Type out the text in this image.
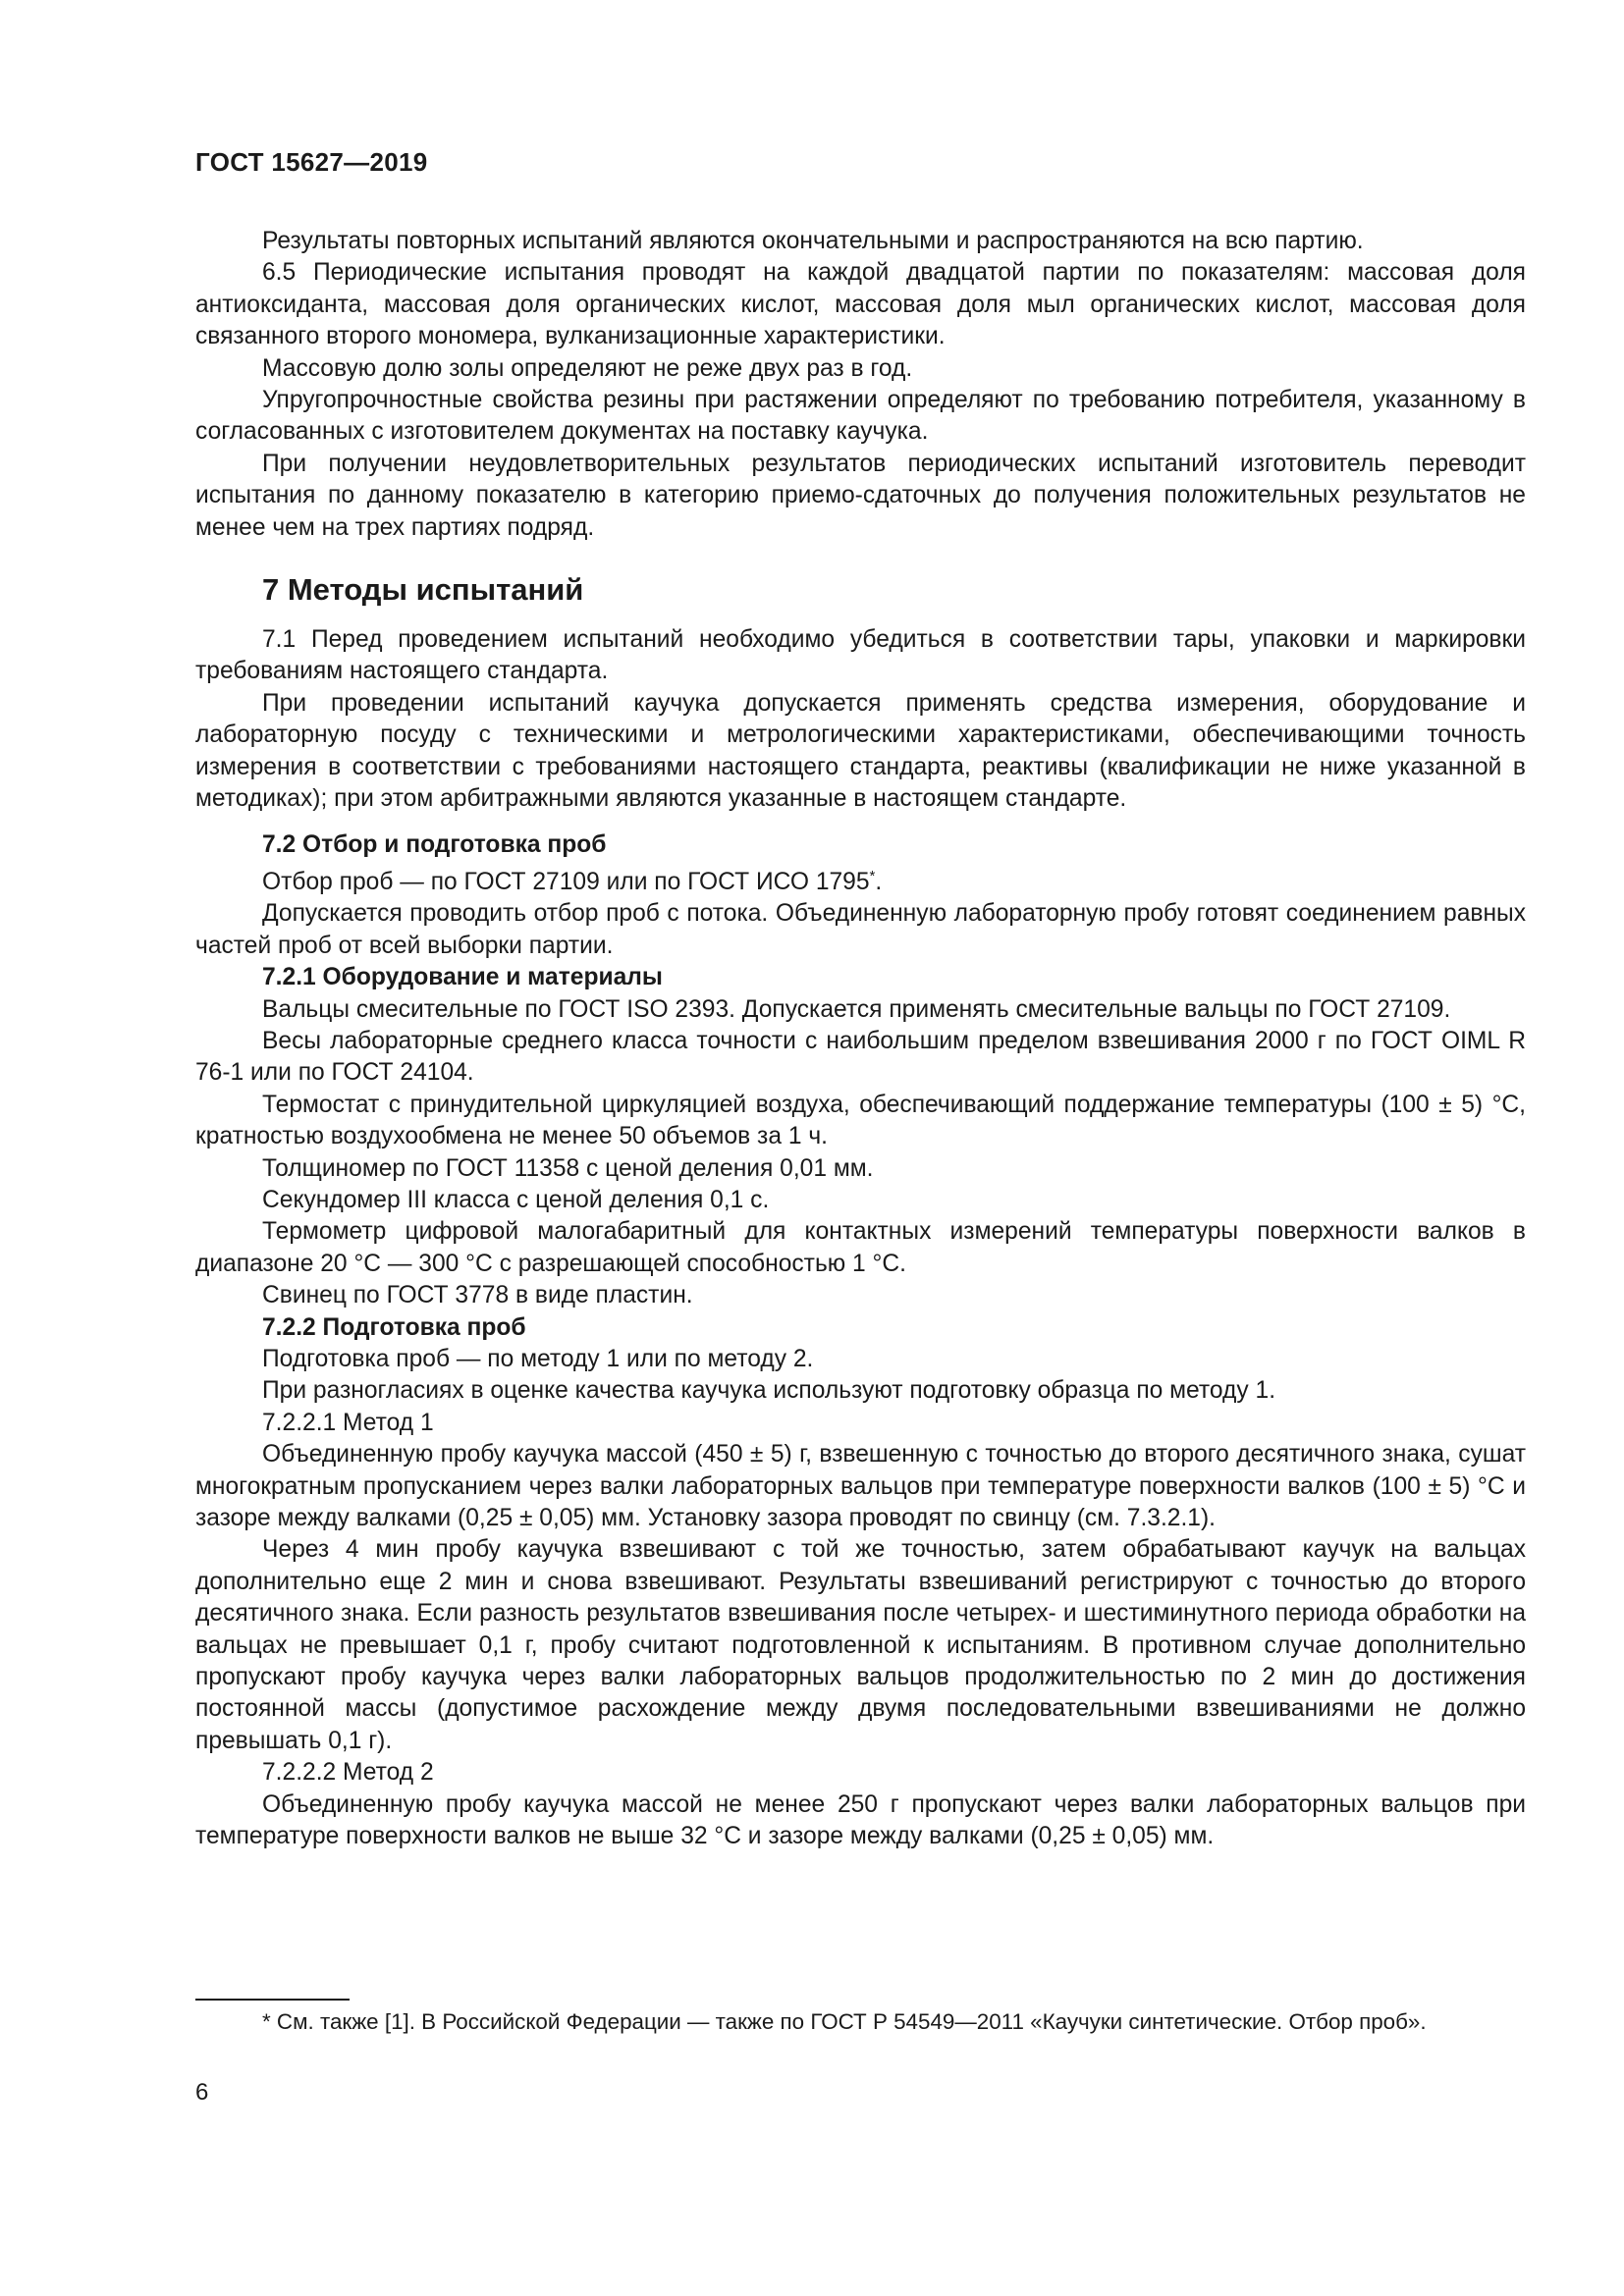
ГОСТ 15627—2019

Результаты повторных испытаний являются окончательными и распространяются на всю партию.

6.5 Периодические испытания проводят на каждой двадцатой партии по показателям: массовая доля антиоксиданта, массовая доля органических кислот, массовая доля мыл органических кислот, массовая доля связанного второго мономера, вулканизационные характеристики.

Массовую долю золы определяют не реже двух раз в год.

Упругопрочностные свойства резины при растяжении определяют по требованию потребителя, указанному в согласованных с изготовителем документах на поставку каучука.

При получении неудовлетворительных результатов периодических испытаний изготовитель переводит испытания по данному показателю в категорию приемо-сдаточных до получения положительных результатов не менее чем на трех партиях подряд.

7 Методы испытаний

7.1 Перед проведением испытаний необходимо убедиться в соответствии тары, упаковки и маркировки требованиям настоящего стандарта.

При проведении испытаний каучука допускается применять средства измерения, оборудование и лабораторную посуду с техническими и метрологическими характеристиками, обеспечивающими точность измерения в соответствии с требованиями настоящего стандарта, реактивы (квалификации не ниже указанной в методиках); при этом арбитражными являются указанные в настоящем стандарте.

7.2 Отбор и подготовка проб

Отбор проб — по ГОСТ 27109 или по ГОСТ ИСО 1795*.

Допускается проводить отбор проб с потока. Объединенную лабораторную пробу готовят соединением равных частей проб от всей выборки партии.

7.2.1 Оборудование и материалы

Вальцы смесительные по ГОСТ ISO 2393. Допускается применять смесительные вальцы по ГОСТ 27109.

Весы лабораторные среднего класса точности с наибольшим пределом взвешивания 2000 г по ГОСТ OIML R 76-1 или по ГОСТ 24104.

Термостат с принудительной циркуляцией воздуха, обеспечивающий поддержание температуры (100 ± 5) °С, кратностью воздухообмена не менее 50 объемов за 1 ч.

Толщиномер по ГОСТ 11358 с ценой деления 0,01 мм.

Секундомер III класса с ценой деления 0,1 с.

Термометр цифровой малогабаритный для контактных измерений температуры поверхности валков в диапазоне 20 °С — 300 °С с разрешающей способностью 1 °С.

Свинец по ГОСТ 3778 в виде пластин.

7.2.2 Подготовка проб

Подготовка проб — по методу 1 или по методу 2.

При разногласиях в оценке качества каучука используют подготовку образца по методу 1.

7.2.2.1 Метод 1

Объединенную пробу каучука массой (450 ± 5) г, взвешенную с точностью до второго десятичного знака, сушат многократным пропусканием через валки лабораторных вальцов при температуре поверхности валков (100 ± 5) °С и зазоре между валками (0,25 ± 0,05) мм. Установку зазора проводят по свинцу (см. 7.3.2.1).

Через 4 мин пробу каучука взвешивают с той же точностью, затем обрабатывают каучук на вальцах дополнительно еще 2 мин и снова взвешивают. Результаты взвешиваний регистрируют с точностью до второго десятичного знака. Если разность результатов взвешивания после четырех- и шестиминутного периода обработки на вальцах не превышает 0,1 г, пробу считают подготовленной к испытаниям. В противном случае дополнительно пропускают пробу каучука через валки лабораторных вальцов продолжительностью по 2 мин до достижения постоянной массы (допустимое расхождение между двумя последовательными взвешиваниями не должно превышать 0,1 г).

7.2.2.2 Метод 2

Объединенную пробу каучука массой не менее 250 г пропускают через валки лабораторных вальцов при температуре поверхности валков не выше 32 °С и зазоре между валками (0,25 ± 0,05) мм.

* См. также [1]. В Российской Федерации — также по ГОСТ Р 54549—2011 «Каучуки синтетические. Отбор проб».

6
